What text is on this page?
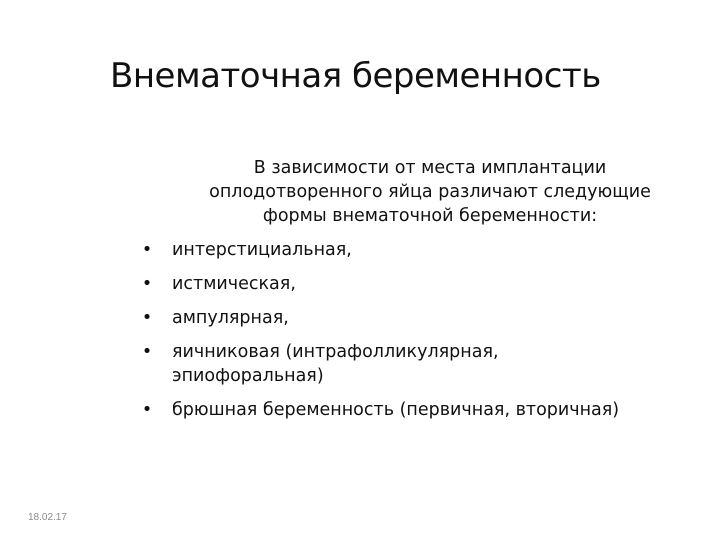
Внематочная беременность
В зависимости от места имплантации
оплодотворенного яйца различают следующие
формы внематочной беременности:
• интерстициальная,
• истмическая,
• ампулярная,
• яичниковая (интрафолликулярная,
эпиофоральная)
• брюшная беременность (первичная, вторичная)
18.02.17
